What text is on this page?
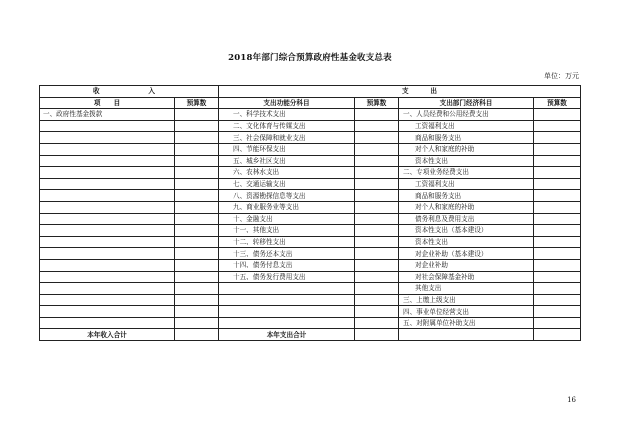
2018年部门综合预算政府性基金收支总表
单位：万元
收 入		支 出			

项　　目	预算数	支出功能分科目	预算数	支出部门经济科目	预算数
一、政府性基金拨款		一、科学技术支出		一、人员经费和公用经费支出	
		二、文化体育与传媒支出		工资福利支出	
		三、社会保障和就业支出		商品和服务支出	
		四、节能环保支出		对个人和家庭的补助	
		五、城乡社区支出		资本性支出	
		六、农林水支出		二、专项业务经费支出	
		七、交通运输支出		工资福利支出	
		八、资源勘探信息等支出		商品和服务支出	
		九、商业服务业等支出		对个人和家庭的补助	
		十、金融支出		债务利息及费用支出	
		十一、其他支出		资本性支出（基本建设）	
		十二、转移性支出		资本性支出	
		十三、债务还本支出		对企业补助（基本建设）	
		十四、债务付息支出		对企业补助	
		十五、债务发行费用支出		对社会保障基金补助	
				其他支出	
				三、上缴上级支出	
				四、事业单位经营支出	
				五、对附属单位补助支出	
本年收入合计		本年支出合计			
16
